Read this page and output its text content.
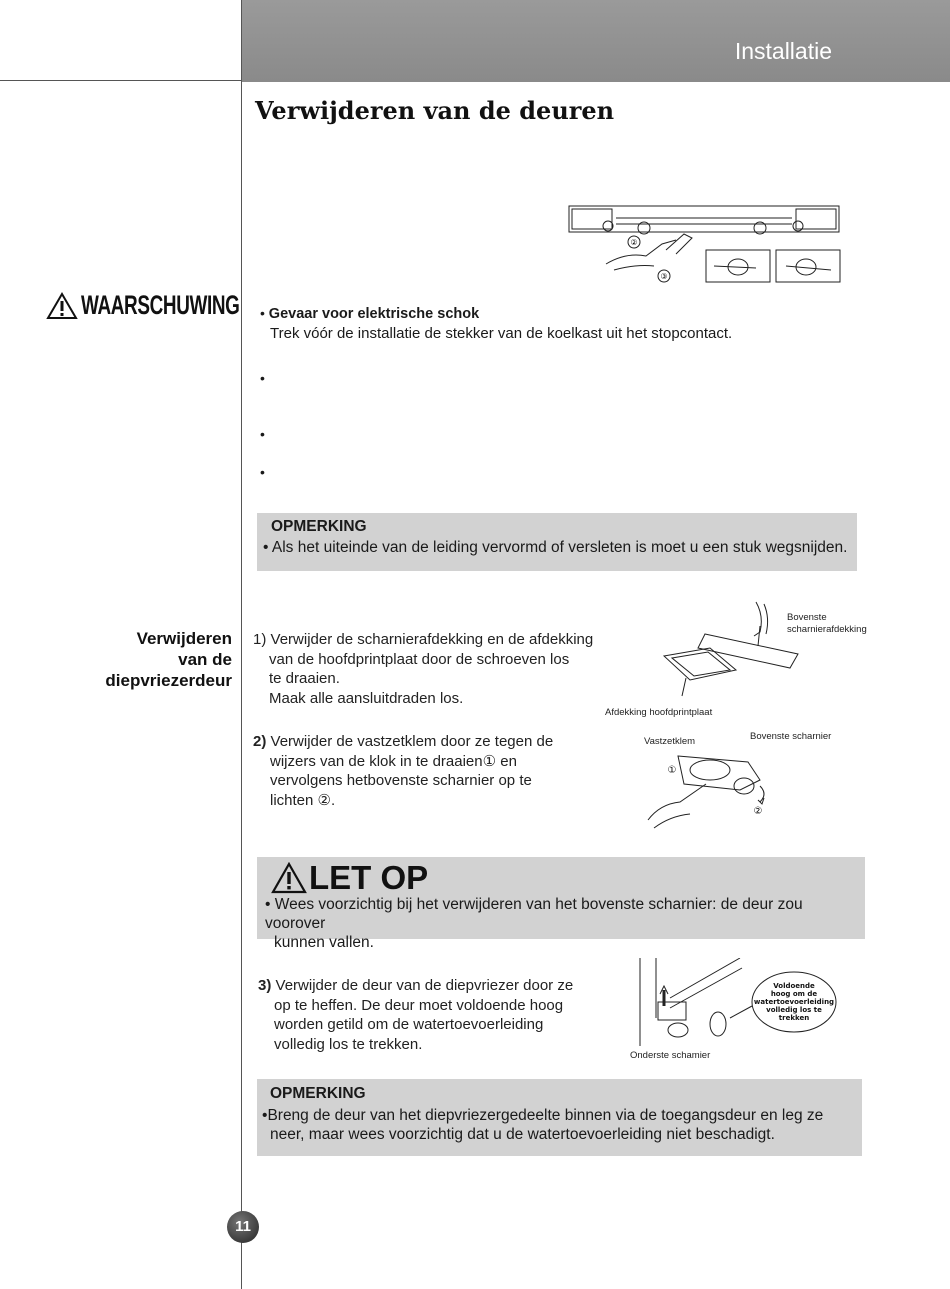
Installatie
Verwijderen van de deuren
②
③
WAARSCHUWING • Gevaar voor elektrische schok
Trek vóór de installatie de stekker van de koelkast uit het stopcontact.
•
•
•
OPMERKING

• Als het uiteinde van de leiding vervormd of versleten is moet u een stuk wegsnijden.

Verwijderen
van de
diepvriezerdeur
1) Verwijder de scharnierafdekking en de afdekking
van de hoofdprintplaat door de schroeven los
te draaien.
Maak alle aansluitdraden los.
Bovenste
scharnierafdekking
Afdekking hoofdprintplaat
2) Verwijder de vastzetklem door ze tegen de
wijzers van de klok in te draaien① en
vervolgens hetbovenste scharnier op te
lichten ②.
①
②
Vastzetklem	Bovenste scharnier
LET OP
• Wees voorzichtig bij het verwijderen van het bovenste scharnier: de deur zou voorover
kunnen vallen.
3) Verwijder de deur van de diepvriezer door ze
op te heffen. De deur moet voldoende hoog
worden getild om de watertoevoerleiding
volledig los te trekken.
Voldoende
hoog om de
watertoevoerleiding
volledig los te
trekken
Onderste schamier
OPMERKING
•Breng de deur van het diepvriezergedeelte binnen via de toegangsdeur en leg ze
neer, maar wees voorzichtig dat u de watertoevoerleiding niet beschadigt.
11
